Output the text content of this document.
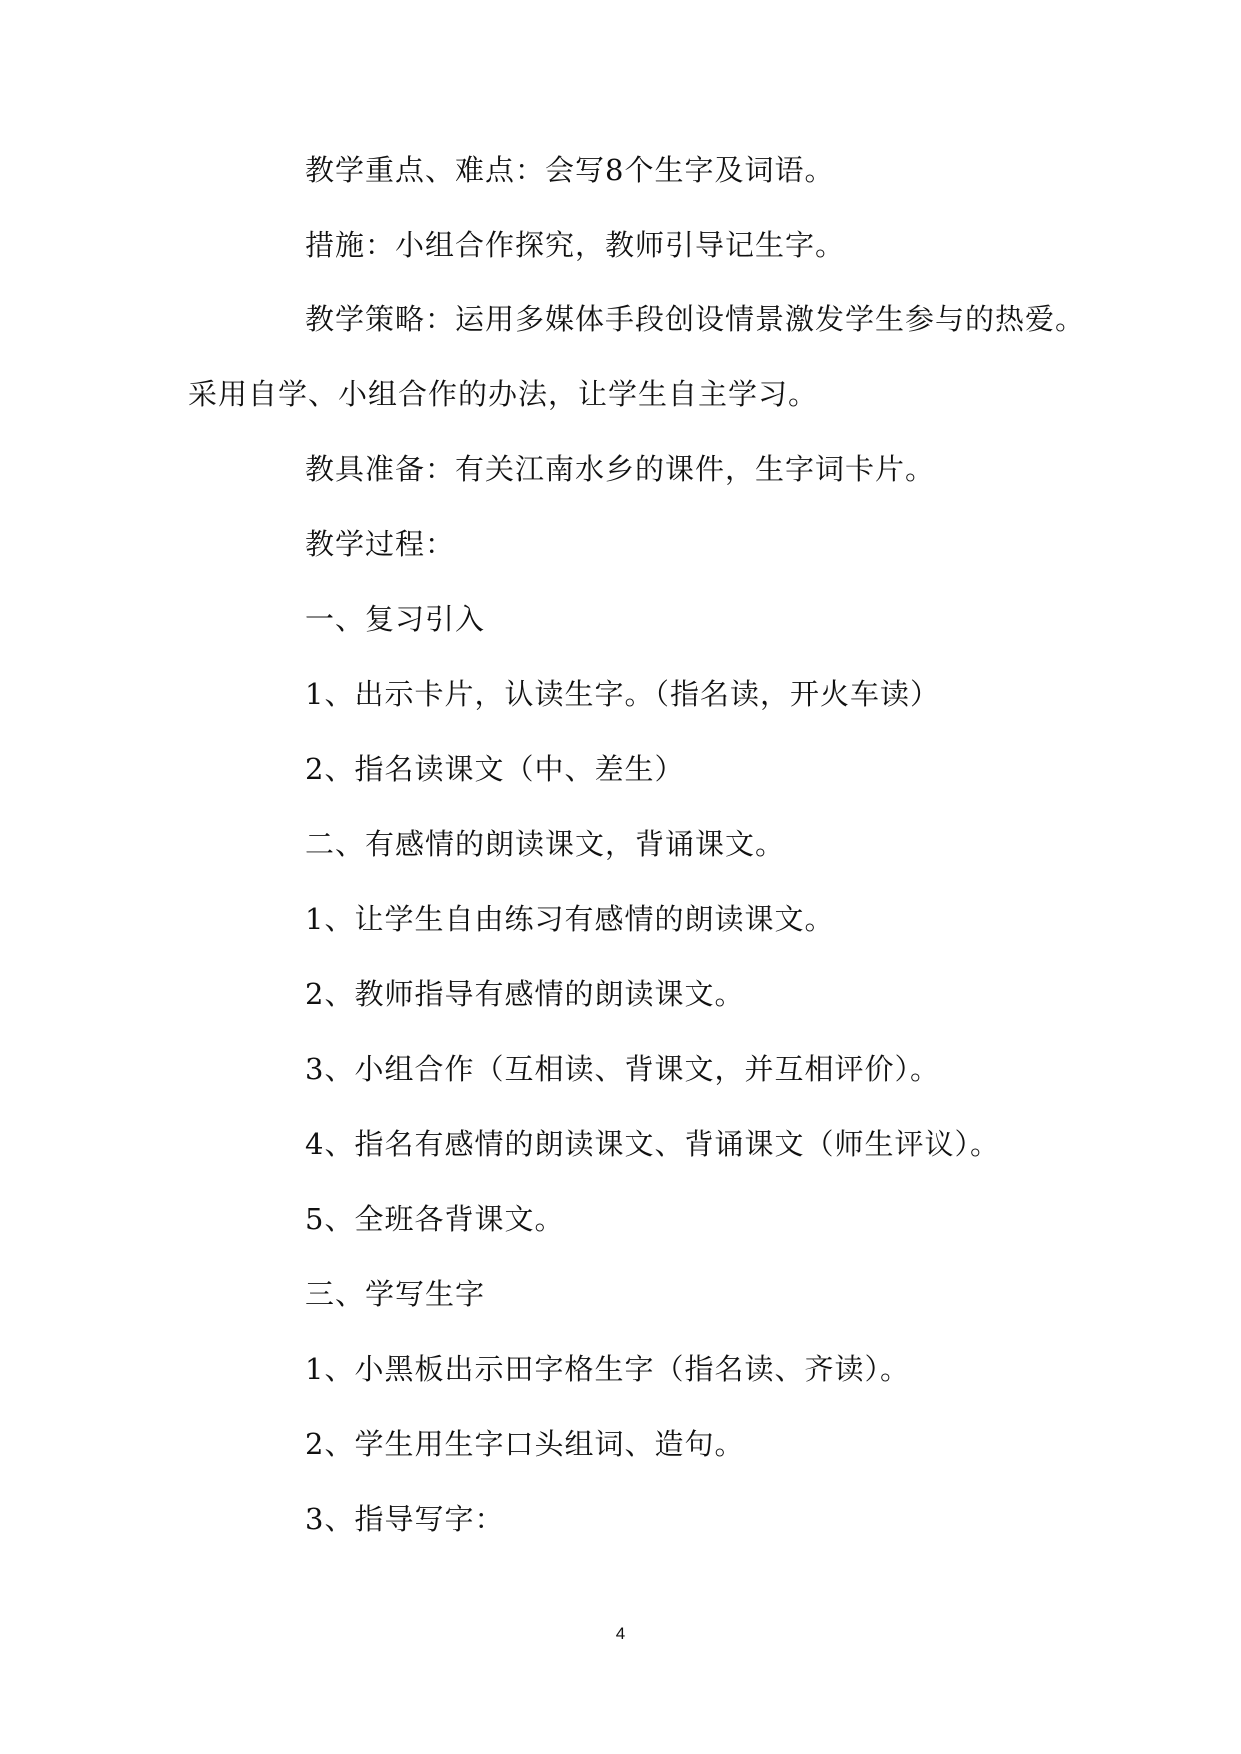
教学重点、难点：会写8个生字及词语。
措施：小组合作探究，教师引导记生字。
教学策略：运用多媒体手段创设情景激发学生参与的热爱。
采用自学、小组合作的办法，让学生自主学习。
教具准备：有关江南水乡的课件，生字词卡片。
教学过程：
一、复习引入
1、出示卡片，认读生字。（指名读，开火车读）
2、指名读课文（中、差生）
二、有感情的朗读课文，背诵课文。
1、让学生自由练习有感情的朗读课文。
2、教师指导有感情的朗读课文。
3、小组合作（互相读、背课文，并互相评价）。
4、指名有感情的朗读课文、背诵课文（师生评议）。
5、全班各背课文。
三、学写生字
1、小黑板出示田字格生字（指名读、齐读）。
2、学生用生字口头组词、造句。
3、指导写字：
4
